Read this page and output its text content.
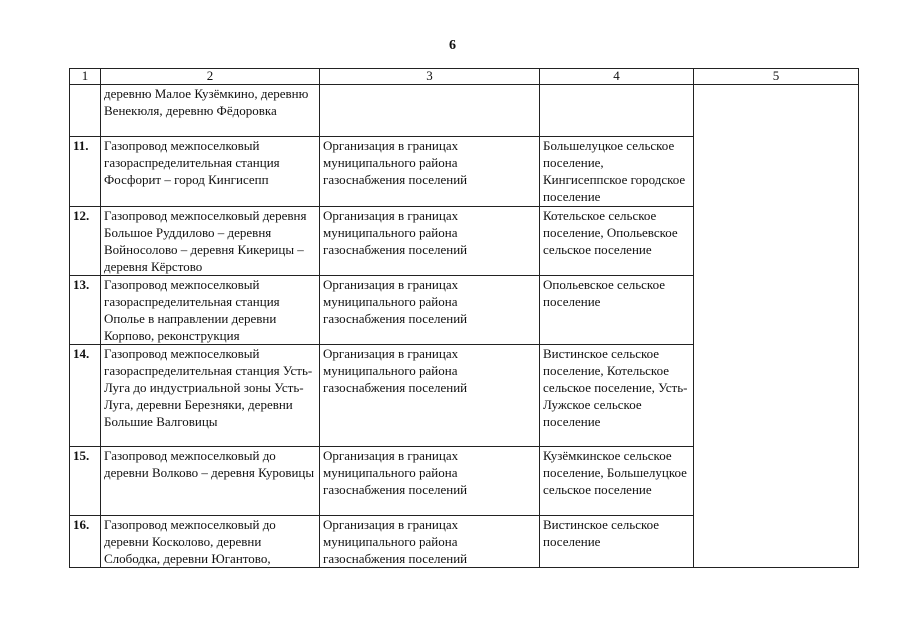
6
1	2	3	4	5
	деревню Малое Кузёмкино, деревню Венекюля, деревню Фёдоровка			
11.	Газопровод межпоселковый газораспределительная станция Фосфорит – город Кингисепп	Организация в границах муниципального района газоснабжения поселений	Большелуцкое сельское поселение, Кингисеппское городское поселение	
12.	Газопровод межпоселковый деревня Большое Руддилово – деревня Войносолово – деревня Кикерицы – деревня Кёрстово	Организация в границах муниципального района газоснабжения поселений	Котельское сельское поселение, Опольевское сельское поселение	
13.	Газопровод межпоселковый газораспределительная станция Ополье в направлении деревни Корпово, реконструкция	Организация в границах муниципального района газоснабжения поселений	Опольевское сельское поселение	
14.	Газопровод межпоселковый газораспределительная станция Усть-Луга до индустриальной зоны Усть-Луга, деревни Березняки, деревни Большие Валговицы	Организация в границах муниципального района газоснабжения поселений	Вистинское сельское поселение, Котельское сельское поселение, Усть-Лужское сельское поселение	
15.	Газопровод межпоселковый до деревни Волково – деревня Куровицы	Организация в границах муниципального района газоснабжения поселений	Кузёмкинское сельское поселение, Большелуцкое сельское поселение	
16.	Газопровод межпоселковый до деревни Косколово, деревни Слободка, деревни Югантово,	Организация в границах муниципального района газоснабжения поселений	Вистинское сельское поселение	
